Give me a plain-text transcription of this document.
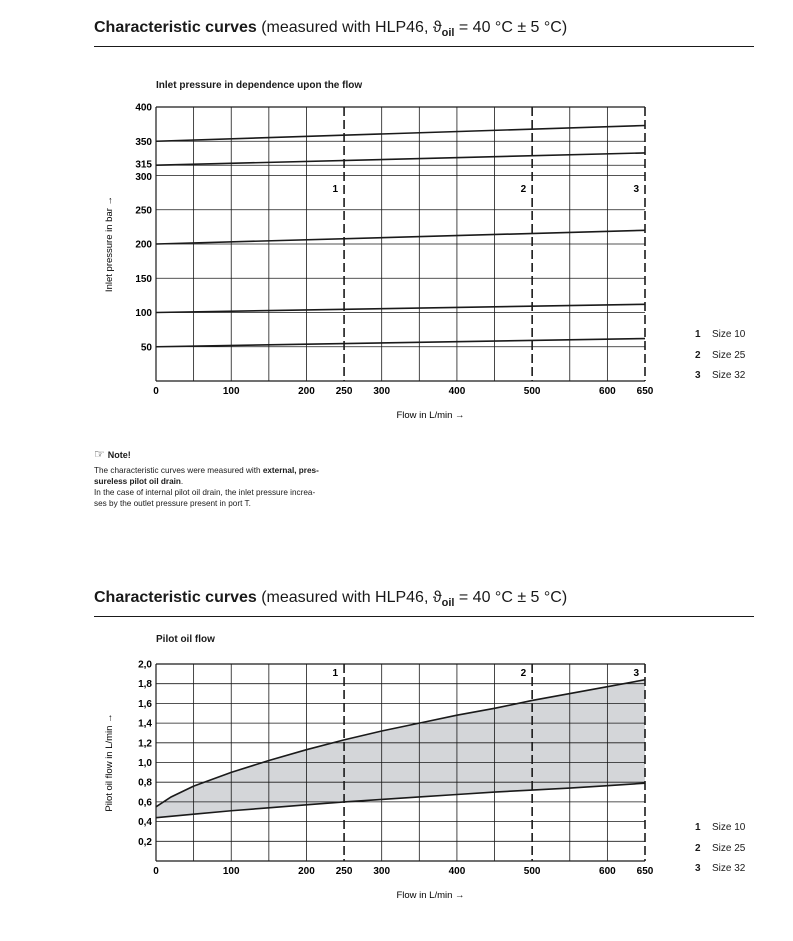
Characteristic curves (measured with HLP46, $ϑ_{oil} = 40$ °C ± 5 °C)
Inlet pressure in dependence upon the flow
1	2	3
0	100	200 250 300	400	500	600 650
50
100
150
200
250
300
315
350
400
Flow in L/min →
Inlet pressure in bar →
1 Size 10
2 Size 25
3 Size 32
☞ Note!
The characteristic curves were measured with external, pres-
sureless pilot oil drain.
In the case of internal pilot oil drain, the inlet pressure increa-
ses by the outlet pressure present in port T.
Characteristic curves (measured with HLP46, $ϑ_{oil} = 40$ °C ± 5 °C)
Pilot oil flow
1	2	3
0	100	200 250 300	400	500	600 650
0,2
0,4
0,6
0,8
1,0
1,2
1,4
1,6
1,8
2,0
Flow in L/min →
Pilot oil flow in L/min →
1 Size 10
2 Size 25
3 Size 32
